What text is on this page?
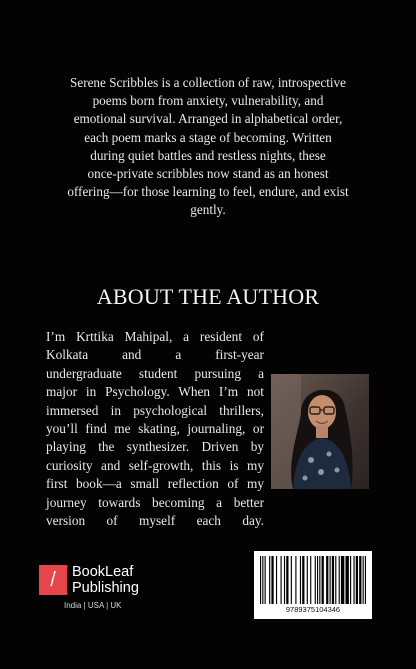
Serene Scribbles is a collection of raw, introspective
poems born from anxiety, vulnerability, and
emotional survival. Arranged in alphabetical order,
each poem marks a stage of becoming. Written
during quiet battles and restless nights, these
once-private scribbles now stand as an honest
offering—for those learning to feel, endure, and exist
gently.
ABOUT THE AUTHOR
I’m Krttika Mahipal, a resident of
Kolkata and a first-year
undergraduate student pursuing a
major in Psychology. When I’m not
immersed in psychological thrillers,
you’ll find me skating, journaling, or
playing the synthesizer. Driven by
curiosity and self-growth, this is my
first book—a small reflection of my
journey towards becoming a better
version of myself each day.
/	BookLeaf
Publishing
India | USA | UK	9789375104346
